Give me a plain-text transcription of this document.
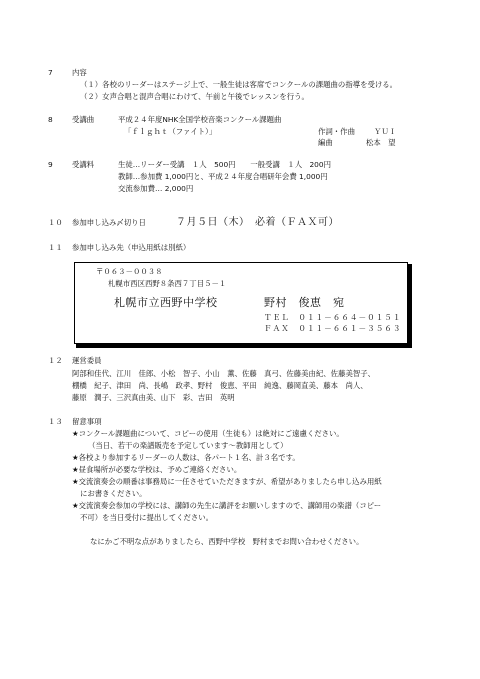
7	内容
（１）各校のリーダーはステージ上で、一般生徒は客席でコンクールの課題曲の指導を受ける。
（２）女声合唱と混声合唱にわけて、午前と午後でレッスンを行う。
8	受講曲	平成２４年度NHK全国学校音楽コンクール課題曲
「ｆｌｇｈｔ（ファイト）」	作詞・作曲	ＹＵＩ
編曲	松本　望
9	受講料	生徒…リーダー受講　１人　500円　　一般受講　１人　200円
教師…参加費 1,000円と、平成２４年度合唱研年会費 1,000円
交流参加費… 2,000円
１０ 参加申し込み〆切り日	７月５日（木）　必着（ＦＡＸ可）
１１ 参加申し込み先（申込用紙は別紙）
〒０６３－００３８
札幌市西区西野８条西７丁目５－１
札幌市立西野中学校	野村　俊恵　宛
ＴＥＬ　０１１－６６４－０１５１
ＦＡＸ　０１１－６６１－３５６３
１２ 運営委員
阿部和佳代、江川　佳郎、小松　智子、小山　薫、佐藤　真弓、佐藤美由紀、佐藤美智子、
棚橋　紀子、津田　尚、長嶋　政孝、野村　俊恵、平田　純逸、藤岡直美、藤本　尚人、
藤原　潤子、三沢真由美、山下　彩、吉田　英明
１３ 留意事項
★コンクール課題曲について、コピーの使用（生徒も）は絶対にご遠慮ください。
（当日、若干の楽譜販売を予定しています～教師用として）
★各校より参加するリーダーの人数は、各パート１名、計３名です。
★昼食場所が必要な学校は、予めご連絡ください。
★交流演奏会の順番は事務局に一任させていただきますが、希望がありましたら申し込み用紙
にお書きください。
★交流演奏会参加の学校には、講師の先生に講評をお願いしますので、講師用の楽譜（コピー
不可）を当日受付に提出してください。
なにかご不明な点がありましたら、西野中学校　野村までお問い合わせください。
